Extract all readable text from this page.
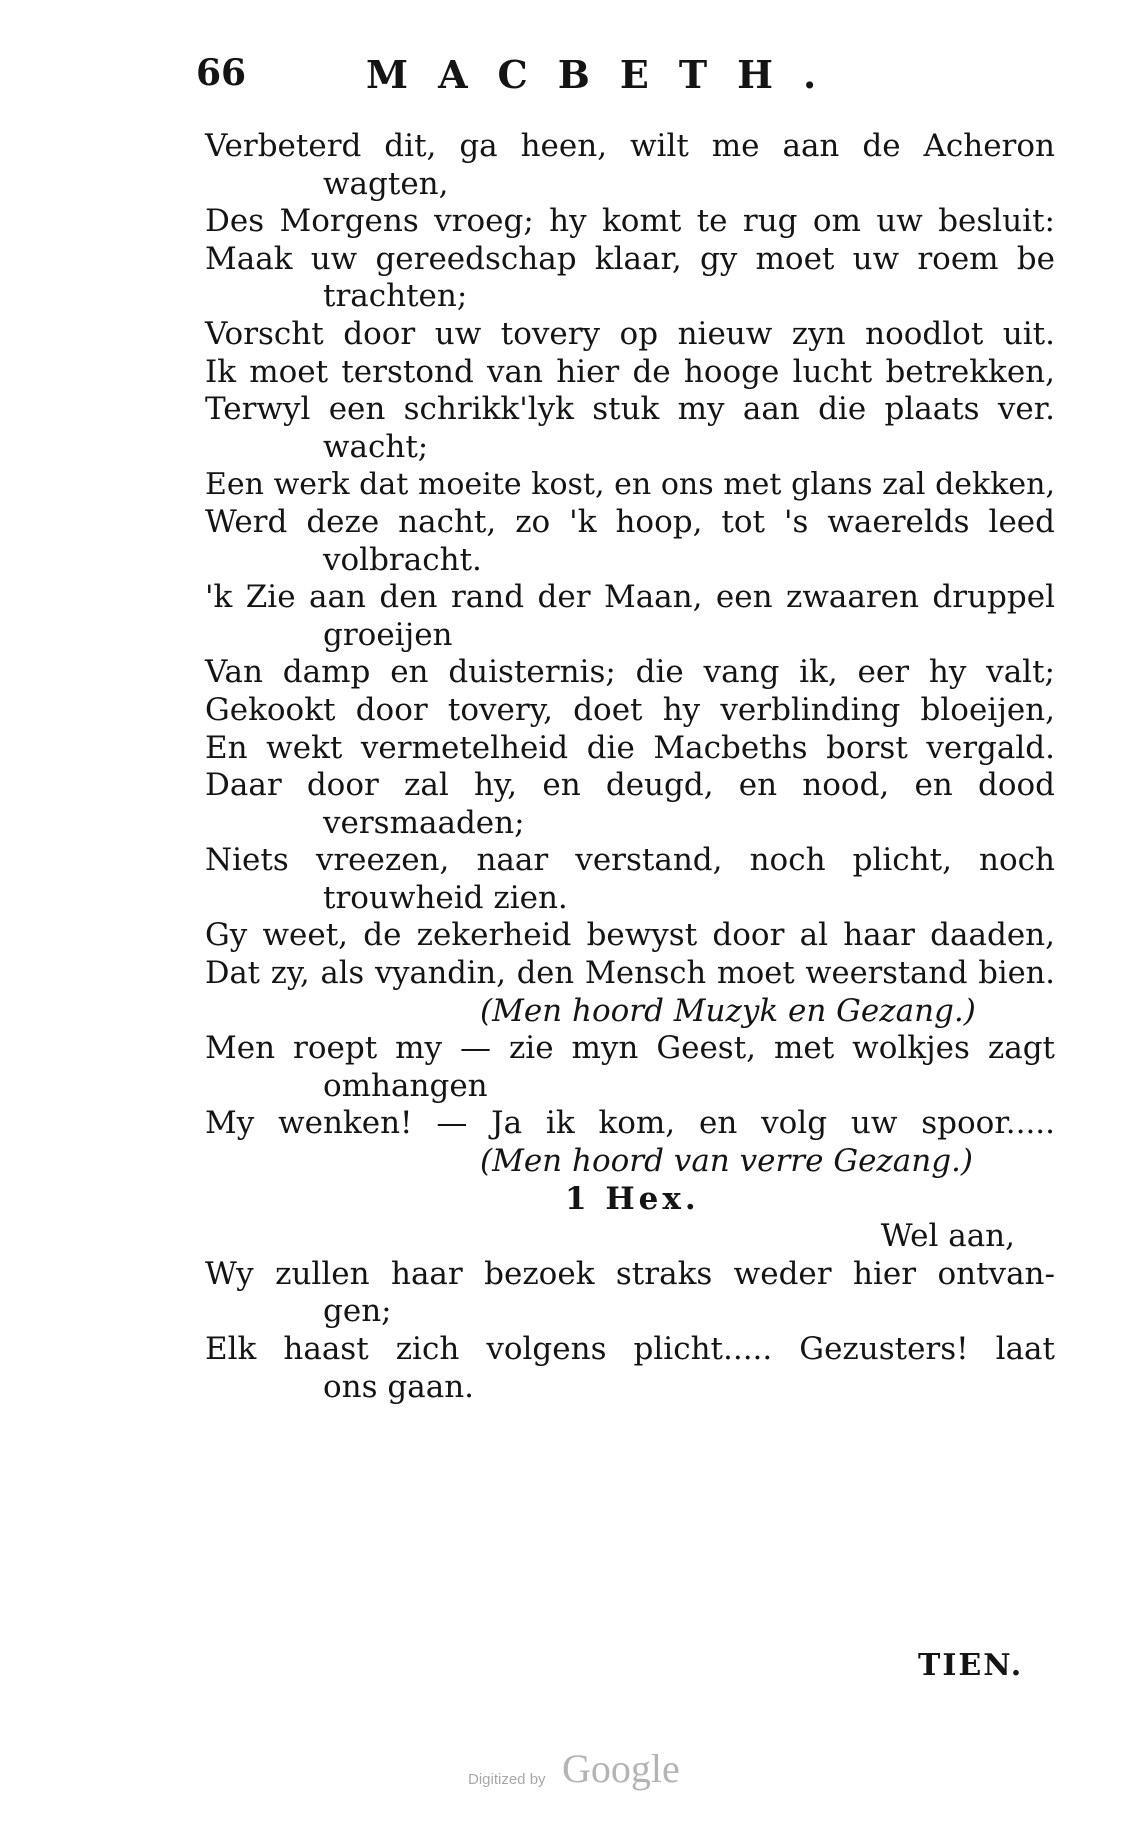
66	MACBETH.
Verbeterd dit, ga heen, wilt me aan de Acheron
wagten,
Des Morgens vroeg; hy komt te rug om uw besluit:
Maak uw gereedschap klaar, gy moet uw roem be
trachten;
Vorscht door uw tovery op nieuw zyn noodlot uit.
Ik moet terstond van hier de hooge lucht betrekken,
Terwyl een schrikk'lyk stuk my aan die plaats ver.
wacht;
Een werk dat moeite kost, en ons met glans zal dekken,
Werd deze nacht, zo 'k hoop, tot 's waerelds leed
volbracht.
'k Zie aan den rand der Maan, een zwaaren druppel
groeijen
Van damp en duisternis; die vang ik, eer hy valt;
Gekookt door tovery, doet hy verblinding bloeijen,
En wekt vermetelheid die Macbeths borst vergald.
Daar door zal hy, en deugd, en nood, en dood
versmaaden;
Niets vreezen, naar verstand, noch plicht, noch
trouwheid zien.
Gy weet, de zekerheid bewyst door al haar daaden,
Dat zy, als vyandin, den Mensch moet weerstand bien.
(Men hoord Muzyk en Gezang.)
Men roept my — zie myn Geest, met wolkjes zagt
omhangen
My wenken! — Ja ik kom, en volg uw spoor.....
(Men hoord van verre Gezang.)
1 Hex.
Wel aan,
Wy zullen haar bezoek straks weder hier ontvan-
gen;
Elk haast zich volgens plicht..... Gezusters! laat
ons gaan.
TIEN.
Digitized by Google
